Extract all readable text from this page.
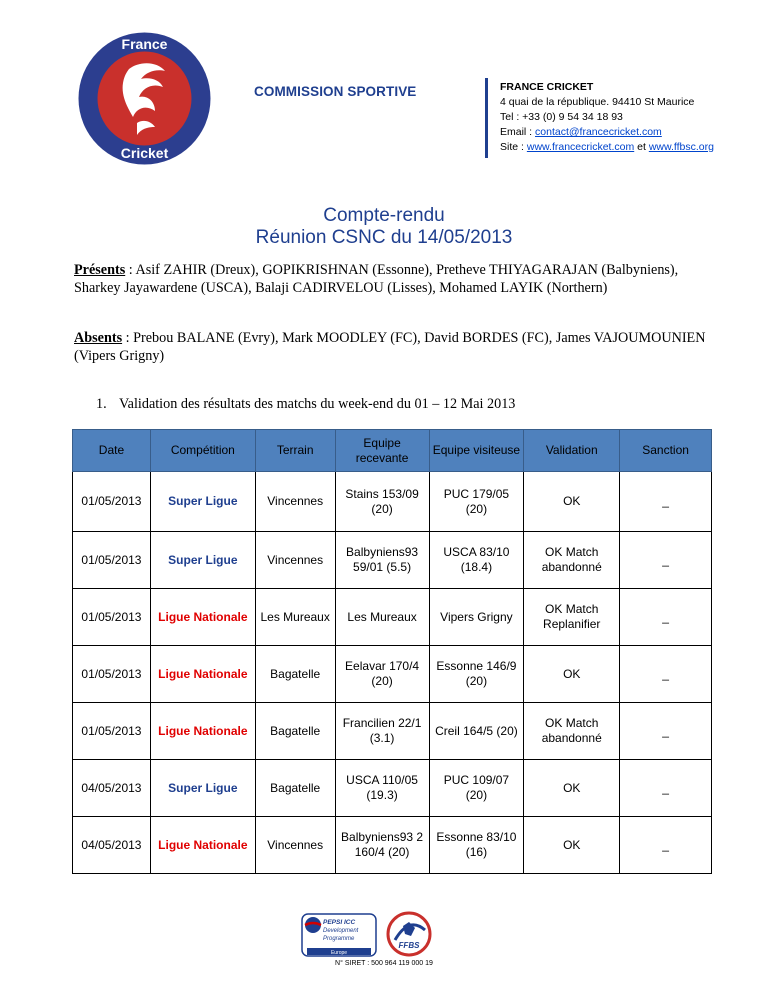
France
Cricket
COMMISSION SPORTIVE	FRANCE CRICKET
4 quai de la république. 94410 St Maurice
Tel : +33 (0) 9 54 34 18 93
Email : contact@francecricket.com
Site : www.francecricket.com et www.ffbsc.org
Compte-rendu
Réunion CSNC du 14/05/2013
Présents : Asif ZAHIR (Dreux), GOPIKRISHNAN (Essonne), Pretheve THIYAGARAJAN (Balbyniens), Sharkey Jayawardene (USCA), Balaji CADIRVELOU (Lisses), Mohamed LAYIK (Northern)
Absents : Prebou BALANE (Evry), Mark MOODLEY (FC), David BORDES (FC), James VAJOUMOUNIEN (Vipers Grigny)
1. Validation des résultats des matchs du week-end du 01 – 12 Mai 2013
Date	Compétition	Terrain	Equipe recevante	Equipe visiteuse	Validation	Sanction
01/05/2013	Super Ligue	Vincennes	Stains 153/09 (20)	PUC 179/05 (20)	OK	_
01/05/2013	Super Ligue	Vincennes	Balbyniens93 59/01 (5.5)	USCA 83/10 (18.4)	OK Match abandonné	_
01/05/2013	Ligue Nationale	Les Mureaux	Les Mureaux	Vipers Grigny	OK Match Replanifier	_
01/05/2013	Ligue Nationale	Bagatelle	Eelavar 170/4 (20)	Essonne 146/9 (20)	OK	_
01/05/2013	Ligue Nationale	Bagatelle	Francilien 22/1 (3.1)	Creil 164/5 (20)	OK Match abandonné	_
04/05/2013	Super Ligue	Bagatelle	USCA 110/05 (19.3)	PUC 109/07 (20)	OK	_
04/05/2013	Ligue Nationale	Vincennes	Balbyniens93 2 160/4 (20)	Essonne 83/10 (16)	OK	_
PEPSI ICC
Development
Programme
Europe
FFBS
N° SIRET : 500 964 119 000 19
